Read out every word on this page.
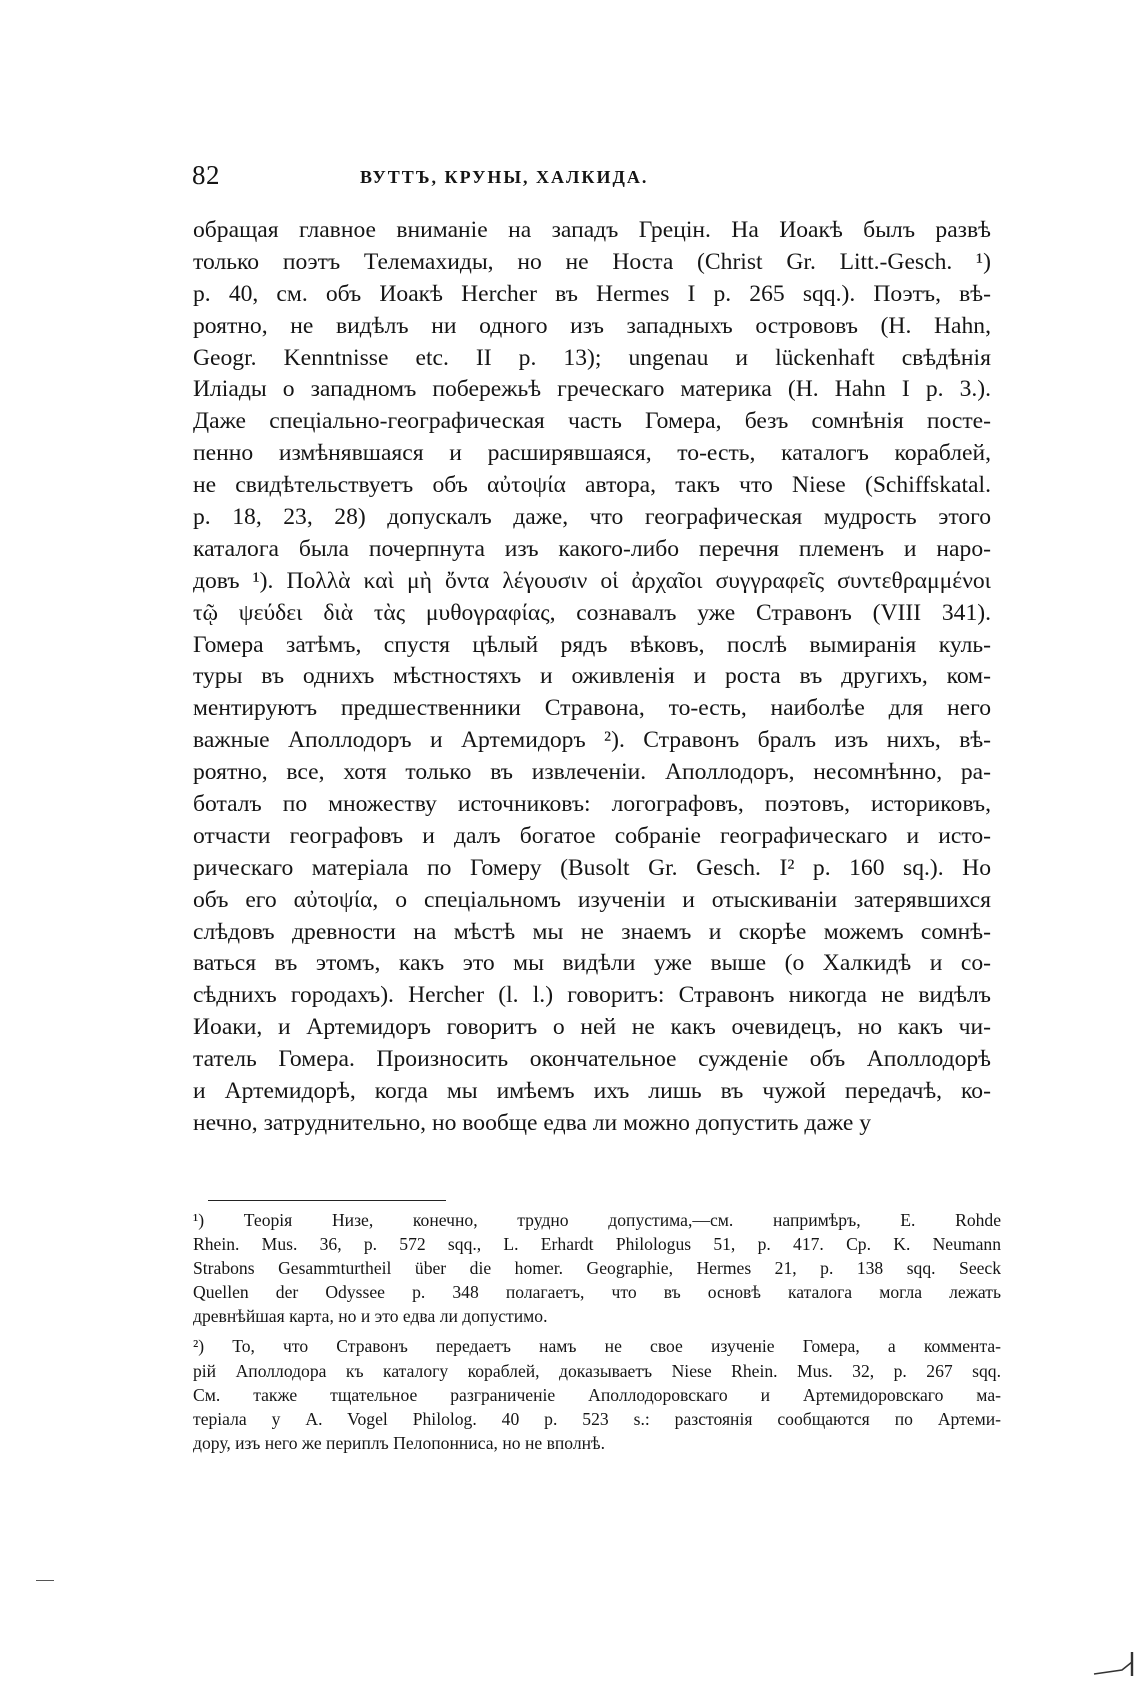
82	ВУТТЪ, КРУНЫ, ХАЛКИДА.
обращая главное вниманіе на западъ Грецін. На Иоакѣ былъ развѣ
только поэтъ Телемахиды, но не Носта (Christ Gr. Litt.-Gesch. ¹)
p. 40, см. объ Иоакѣ Hercher въ Hermes I p. 265 sqq.). Поэтъ, вѣ-
роятно, не видѣлъ ни одного изъ западныхъ острововъ (H. Hahn,
Geogr. Kenntnisse etc. II p. 13); ungenau и lückenhaft свѣдѣнія
Иліады о западномъ побережьѣ греческаго материка (H. Hahn I p. 3.).
Даже спеціально-географическая часть Гомера, безъ сомнѣнія посте-
пенно измѣнявшаяся и расширявшаяся, то-есть, каталогъ кораблей,
не свидѣтельствуетъ объ αὐτοψία автора, такъ что Niese (Schiffskatal.
p. 18, 23, 28) допускалъ даже, что географическая мудрость этого
каталога была почерпнута изъ какого-либо перечня племенъ и наро-
довъ ¹). Πολλὰ καὶ μὴ ὄντα λέγουσιν οἱ ἀρχαῖοι συγγραφεῖς συντεθραμμένοι
τῷ ψεύδει διὰ τὰς μυθογραφίας, сознавалъ уже Стравонъ (VIII 341).
Гомера затѣмъ, спустя цѣлый рядъ вѣковъ, послѣ вымиранія куль-
туры въ однихъ мѣстностяхъ и оживленія и роста въ другихъ, ком-
ментируютъ предшественники Стравона, то-есть, наиболѣе для него
важные Аполлодоръ и Артемидоръ ²). Стравонъ бралъ изъ нихъ, вѣ-
роятно, все, хотя только въ извлеченіи. Аполлодоръ, несомнѣнно, ра-
боталъ по множеству источниковъ: логографовъ, поэтовъ, историковъ,
отчасти географовъ и далъ богатое собраніе географическаго и исто-
рическаго матеріала по Гомеру (Busolt Gr. Gesch. I² p. 160 sq.). Но
объ его αὐτοψία, о спеціальномъ изученіи и отыскиваніи затерявшихся
слѣдовъ древности на мѣстѣ мы не знаемъ и скорѣе можемъ сомнѣ-
ваться въ этомъ, какъ это мы видѣли уже выше (о Халкидѣ и со-
сѣднихъ городахъ). Hercher (l. l.) говоритъ: Стравонъ никогда не видѣлъ
Иоаки, и Артемидоръ говоритъ о ней не какъ очевидецъ, но какъ чи-
татель Гомера. Произносить окончательное сужденіе объ Аполлодорѣ
и Артемидорѣ, когда мы имѣемъ ихъ лишь въ чужой передачѣ, ко-
нечно, затруднительно, но вообще едва ли можно допустить даже у
¹) Теорія Низе, конечно, трудно допустима,—см. напримѣръ, E. Rohde
Rhein. Mus. 36, p. 572 sqq., L. Erhardt Philologus 51, p. 417. Cp. K. Neumann
Strabons Gesammturtheil über die homer. Geographie, Hermes 21, p. 138 sqq. Seeck
Quellen der Odyssee p. 348 полагаетъ, что въ основѣ каталога могла лежать
древнѣйшая карта, но и это едва ли допустимо.
²) То, что Стравонъ передаетъ намъ не свое изученіе Гомера, а коммента-
рій Аполлодора къ каталогу кораблей, доказываетъ Niese Rhein. Mus. 32, p. 267 sqq.
См. также тщательное разграниченіе Аполлодоровскаго и Артемидоровскаго ма-
теріала у A. Vogel Philolog. 40 p. 523 s.: разстоянія сообщаются по Артеми-
дору, изъ него же периплъ Пелопонниса, но не вполнѣ.
